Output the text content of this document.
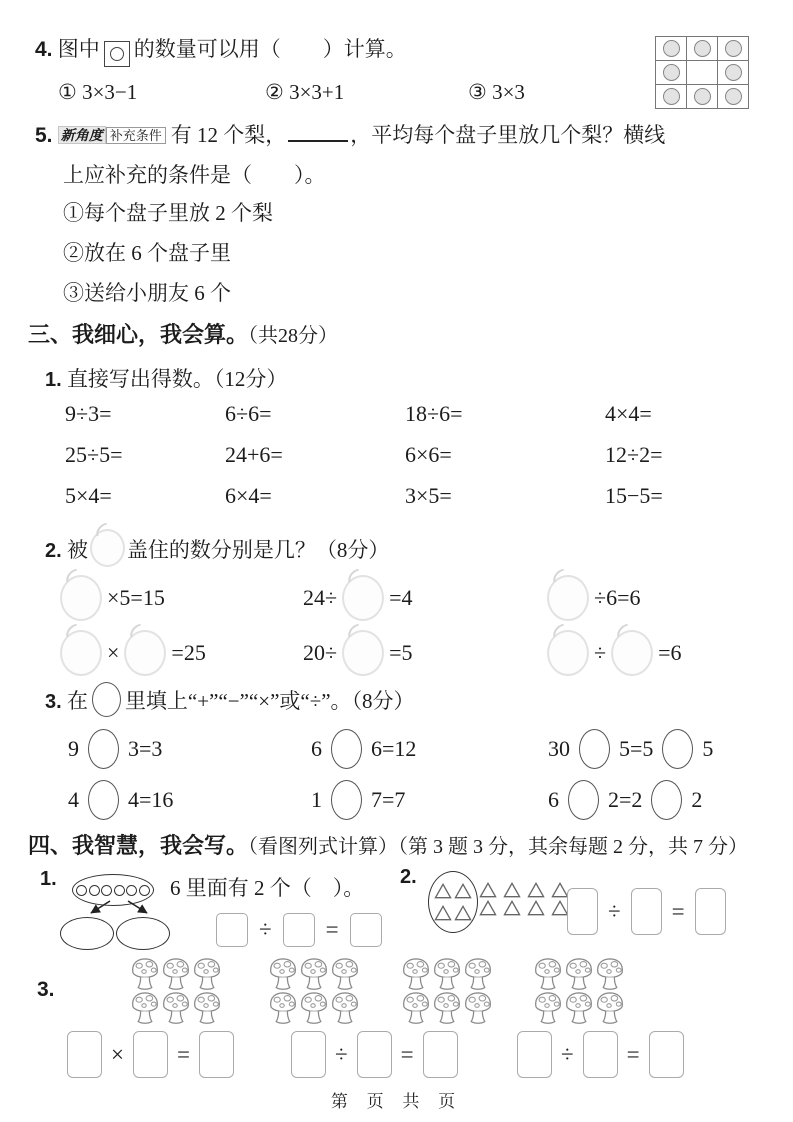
4. 图中 的数量可以用（　　）计算。
① 3×3−1	② 3×3+1	③ 3×3
5. 新角度 补充条件 有 12 个梨，	，平均每个盘子里放几个梨？横线
上应补充的条件是（　　）。
①每个盘子里放 2 个梨
②放在 6 个盘子里
③送给小朋友 6 个
三、我细心，我会算。（共28分）
1. 直接写出得数。（12分）
9÷3=	6÷6=	18÷6=	4×4=
25÷5=	24+6=	6×6=	12÷2=
5×4=	6×4=	3×5=	15−5=
2. 被 盖住的数分别是几？（8分）
×5=15	24÷ =4	÷6=6
× =25	20÷ =5	÷ =6
3. 在 里填上“+”“−”“×”或“÷”。（8分）
9 3=3	6 6=12	30 5=5 5
4 4=16	1 7=7	6 2=2 2
四、我智慧，我会写。（看图列式计算）（第 3 题 3 分，其余每题 2 分，共 7 分）
1.	6 里面有 2 个（　）。
÷ =
2.
÷ =
3.
× =	÷ =	÷ =
第 页 共 页
